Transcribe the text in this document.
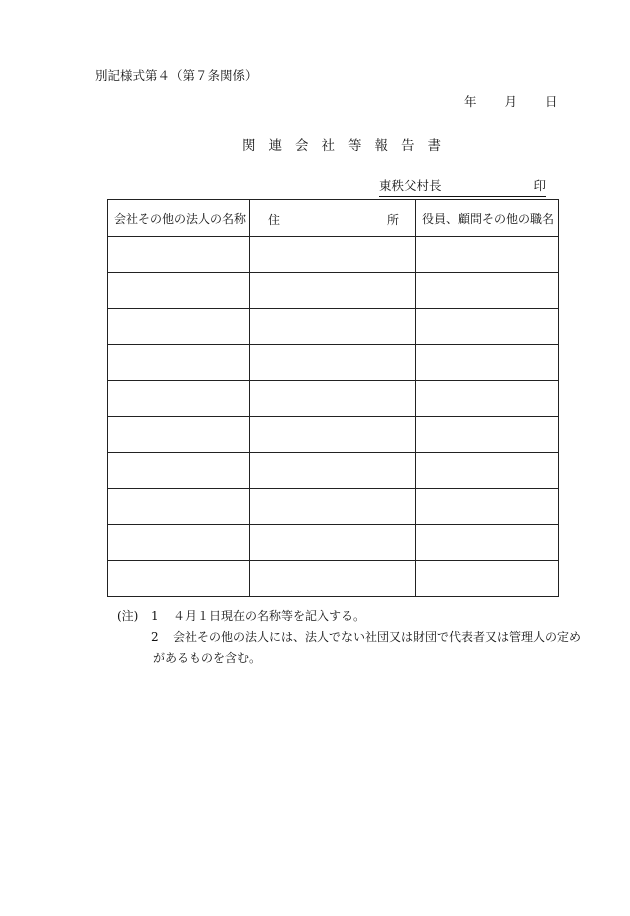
別記様式第４（第７条関係）
年 月 日
関連会社等報告書
東秩父村長	印
会社その他の法人の名称	住 所	役員、顧問その他の職名

(注) 1 ４月１日現在の名称等を記入する。
2 会社その他の法人には、法人でない社団又は財団で代表者又は管理人の定め
があるものを含む。
